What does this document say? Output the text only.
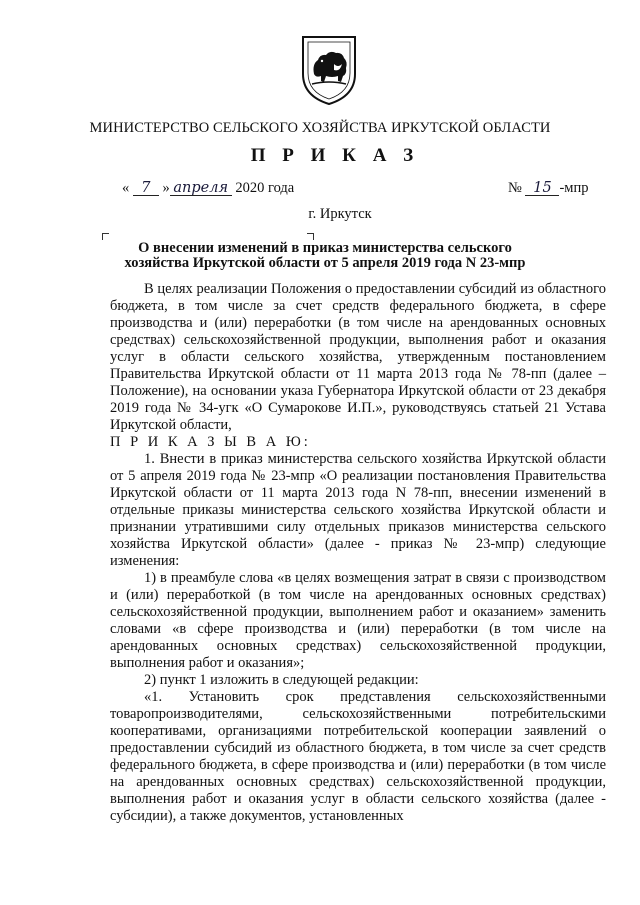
МИНИСТЕРСТВО СЕЛЬСКОГО ХОЗЯЙСТВА ИРКУТСКОЙ ОБЛАСТИ
П Р И К А З
« 7 » апреля 2020 года	№ 15 -мпр
г. Иркутск
О внесении изменений в приказ министерства сельского хозяйства Иркутской области от 5 апреля 2019 года N 23-мпр

В целях реализации Положения о предоставлении субсидий из областного бюджета, в том числе за счет средств федерального бюджета, в сфере производства и (или) переработки (в том числе на арендованных основных средствах) сельскохозяйственной продукции, выполнения работ и оказания услуг в области сельского хозяйства, утвержденным постановлением Правительства Иркутской области от 11 марта 2013 года № 78-пп (далее – Положение), на основании указа Губернатора Иркутской области от 23 декабря 2019 года № 34-угк «О Сумарокове И.П.», руководствуясь статьей 21 Устава Иркутской области,

П Р И К А З Ы В А Ю:

1. Внести в приказ министерства сельского хозяйства Иркутской области от 5 апреля 2019 года № 23-мпр «О реализации постановления Правительства Иркутской области от 11 марта 2013 года N 78-пп, внесении изменений в отдельные приказы министерства сельского хозяйства Иркутской области и признании утратившими силу отдельных приказов министерства сельского хозяйства Иркутской области» (далее - приказ № 23-мпр) следующие изменения:

1) в преамбуле слова «в целях возмещения затрат в связи с производством и (или) переработкой (в том числе на арендованных основных средствах) сельскохозяйственной продукции, выполнением работ и оказанием» заменить словами «в сфере производства и (или) переработки (в том числе на арендованных основных средствах) сельскохозяйственной продукции, выполнения работ и оказания»;

2) пункт 1 изложить в следующей редакции:

«1. Установить срок представления сельскохозяйственными товаропроизводителями, сельскохозяйственными потребительскими кооперативами, организациями потребительской кооперации заявлений о предоставлении субсидий из областного бюджета, в том числе за счет средств федерального бюджета, в сфере производства и (или) переработки (в том числе на арендованных основных средствах) сельскохозяйственной продукции, выполнения работ и оказания услуг в области сельского хозяйства (далее - субсидии), а также документов, установленных
